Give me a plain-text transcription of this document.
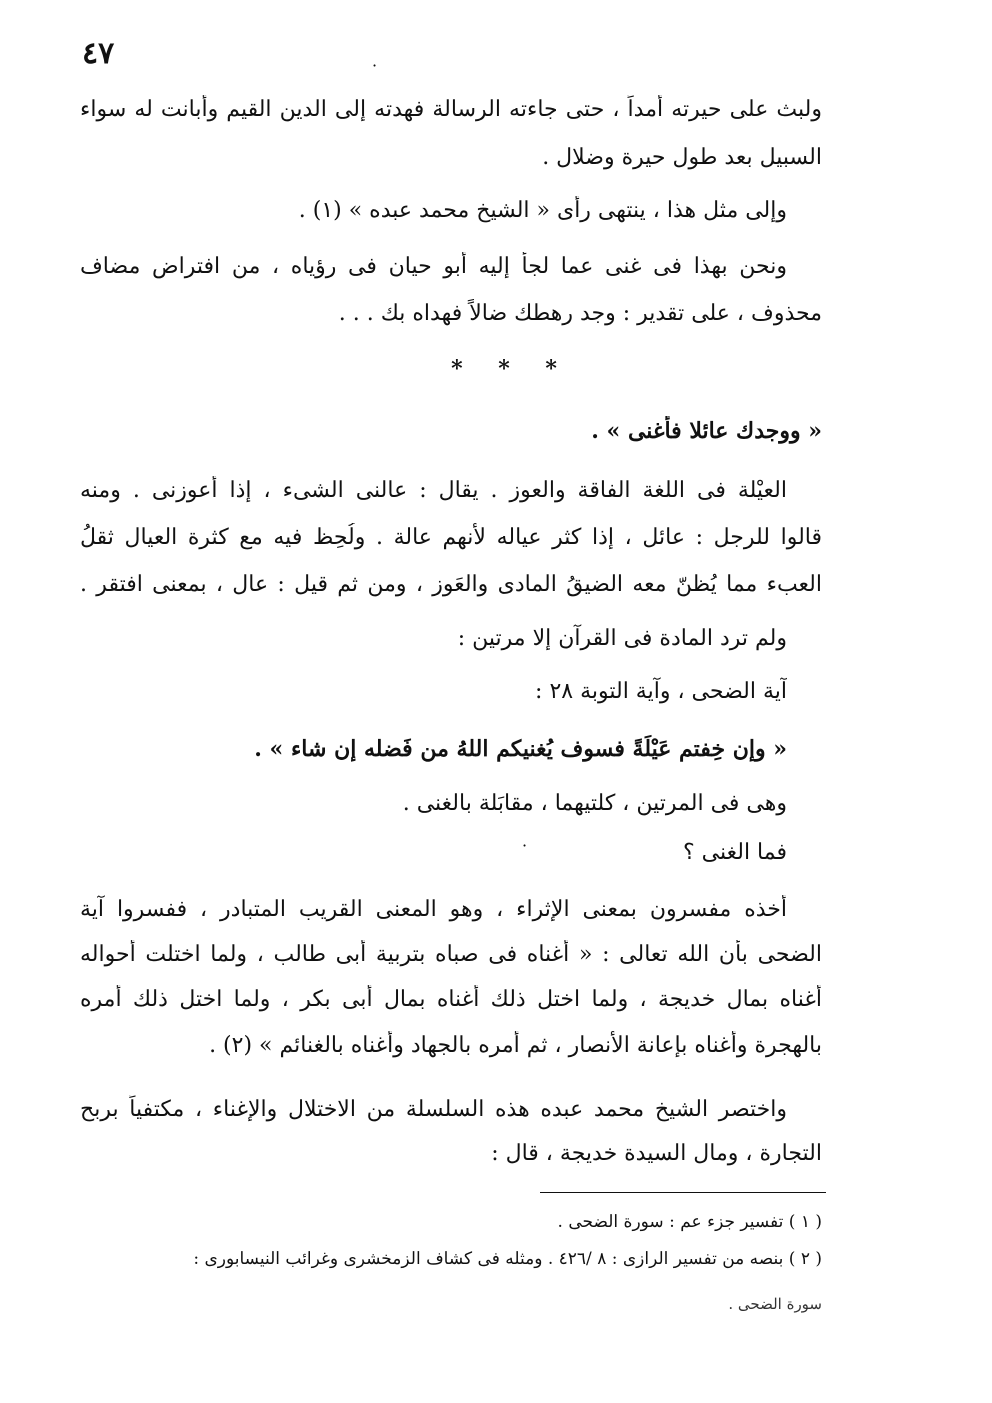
٤٧	·
ولبث على حيرته أمداً ، حتى جاءته الرسالة فهدته إلى الدين القيم وأبانت له سواء
السبيل بعد طول حيرة وضلال .
وإلى مثل هذا ، ينتهى رأى « الشيخ محمد عبده » (١) .
ونحن بهذا فى غنى عما لجأ إليه أبو حيان فى رؤياه ، من افتراض مضاف
محذوف ، على تقدير : وجد رهطك ضالاً فهداه بك . . .
* * *
« ووجدك عائلا فأغنى » .
العيْلة فى اللغة الفاقة والعوز . يقال : عالنى الشىء ، إذا أعوزنى . ومنه
قالوا للرجل : عائل ، إذا كثر عياله لأنهم عالة . ولُحِظ فيه مع كثرة العيال ثقلُ
العبء مما يُظنّ معه الضيقُ المادى والعَوز ، ومن ثم قيل : عال ، بمعنى افتقر .
ولم ترد المادة فى القرآن إلا مرتين :
آية الضحى ، وآية التوبة ٢٨ :
« وإن خِفتم عَيْلَةً فسوف يُغنيكم اللهُ من فَضله إن شاء » .
وهى فى المرتين ، كلتيهما ، مقابَلة بالغنى .
فما الغنى ؟
·
أخذه مفسرون بمعنى الإثراء ، وهو المعنى القريب المتبادر ، ففسروا آية
الضحى بأن الله تعالى : « أغناه فى صباه بتربية أبى طالب ، ولما اختلت أحواله
أغناه بمال خديجة ، ولما اختل ذلك أغناه بمال أبى بكر ، ولما اختل ذلك أمره
بالهجرة وأغناه بإعانة الأنصار ، ثم أمره بالجهاد وأغناه بالغنائم » (٢) .
واختصر الشيخ محمد عبده هذه السلسلة من الاختلال والإغناء ، مكتفياً بربح
التجارة ، ومال السيدة خديجة ، قال :
( ١ ) تفسير جزء عم : سورة الضحى .
( ٢ ) بنصه من تفسير الرازى : ٨ /٤٢٦ . ومثله فى كشاف الزمخشرى وغرائب النيسابورى :
سورة الضحى .
